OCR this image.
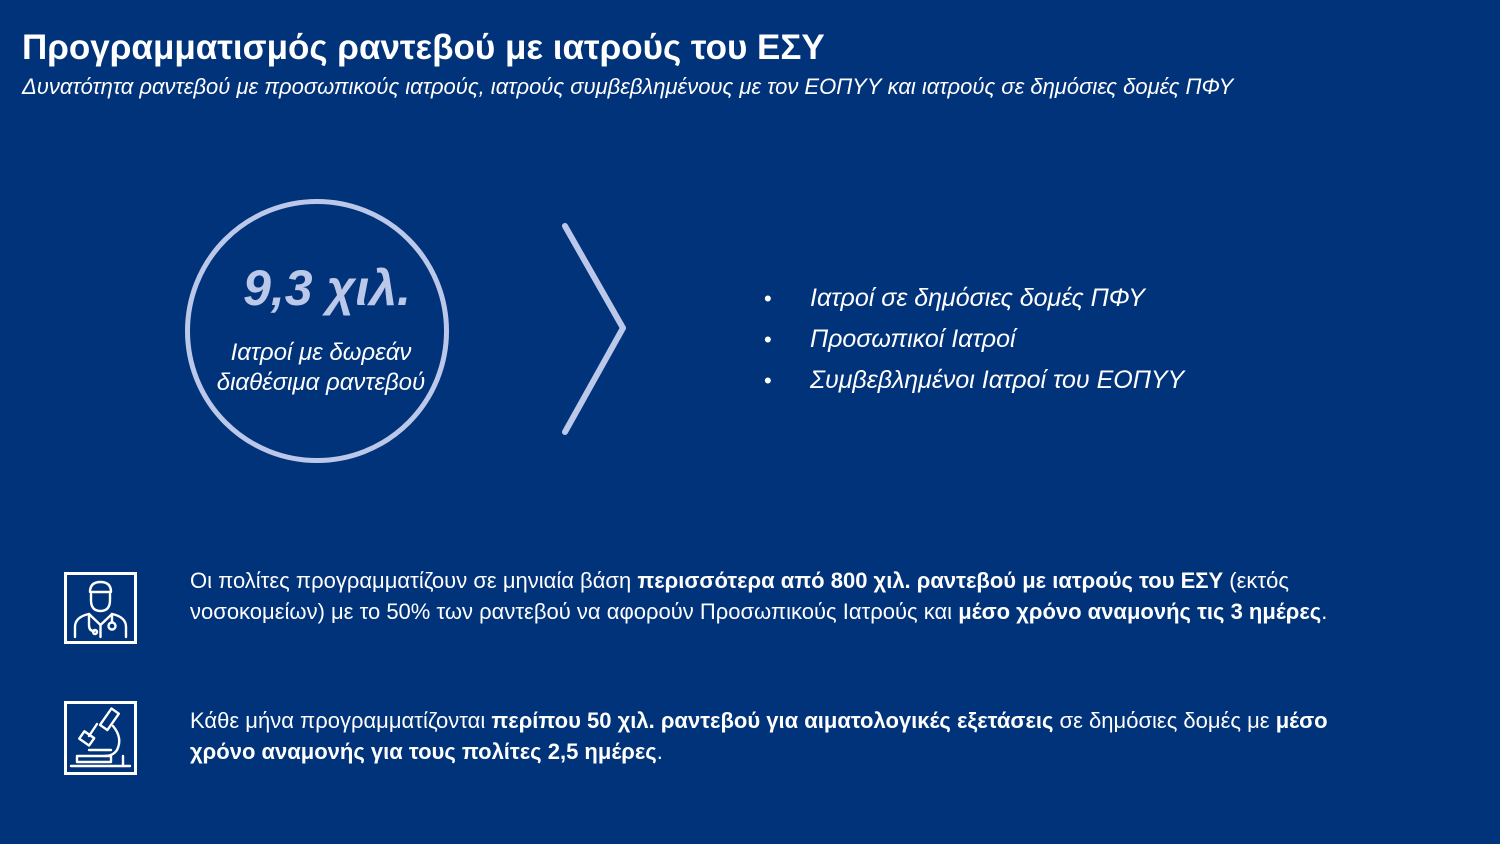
Προγραμματισμός ραντεβού με ιατρούς του ΕΣΥ
Δυνατότητα ραντεβού με προσωπικούς ιατρούς, ιατρούς συμβεβλημένους με τον ΕΟΠΥΥ και ιατρούς σε δημόσιες δομές ΠΦΥ
9,3 χιλ.
Ιατροί με δωρεάν διαθέσιμα ραντεβού
• Ιατροί σε δημόσιες δομές ΠΦΥ
• Προσωπικοί Ιατροί
• Συμβεβλημένοι Ιατροί του ΕΟΠΥΥ
Οι πολίτες προγραμματίζουν σε μηνιαία βάση περισσότερα από 800 χιλ. ραντεβού με ιατρούς του ΕΣΥ (εκτός νοσοκομείων) με το 50% των ραντεβού να αφορούν Προσωπικούς Ιατρούς και μέσο χρόνο αναμονής τις 3 ημέρες.
Κάθε μήνα προγραμματίζονται περίπου 50 χιλ. ραντεβού για αιματολογικές εξετάσεις σε δημόσιες δομές με μέσο χρόνο αναμονής για τους πολίτες 2,5 ημέρες.
